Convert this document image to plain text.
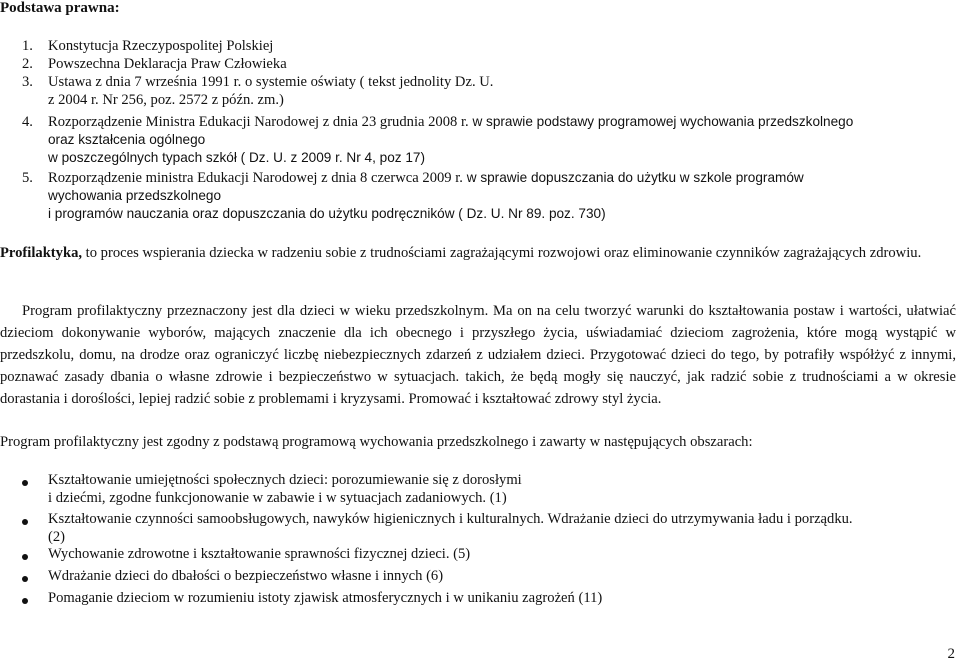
Podstawa prawna:
1. Konstytucja Rzeczypospolitej Polskiej
2. Powszechna Deklaracja Praw Człowieka
3. Ustawa z dnia 7 września 1991 r. o systemie oświaty ( tekst jednolity Dz. U.
z 2004 r. Nr 256, poz. 2572 z późn. zm.)
4. Rozporządzenie Ministra Edukacji Narodowej z dnia 23 grudnia 2008 r. w sprawie podstawy programowej wychowania przedszkolnego
oraz kształcenia ogólnego
w poszczególnych typach szkół ( Dz. U. z 2009 r. Nr 4, poz 17)
5. Rozporządzenie ministra Edukacji Narodowej z dnia 8 czerwca 2009 r. w sprawie dopuszczania do użytku w szkole programów
wychowania przedszkolnego
i programów nauczania oraz dopuszczania do użytku podręczników ( Dz. U. Nr 89. poz. 730)
Profilaktyka, to proces wspierania dziecka w radzeniu sobie z trudnościami zagrażającymi rozwojowi oraz eliminowanie czynników zagrażających zdrowiu.
Program profilaktyczny przeznaczony jest dla dzieci w wieku przedszkolnym. Ma on na celu tworzyć warunki do kształtowania postaw i wartości, ułatwiać dzieciom dokonywanie wyborów, mających znaczenie dla ich obecnego i przyszłego życia, uświadamiać dzieciom zagrożenia, które mogą wystąpić w przedszkolu, domu, na drodze oraz ograniczyć liczbę niebezpiecznych zdarzeń z udziałem dzieci. Przygotować dzieci do tego, by potrafiły współżyć z innymi, poznawać zasady dbania o własne zdrowie i bezpieczeństwo w sytuacjach. takich, że będą mogły się nauczyć, jak radzić sobie z trudnościami a w okresie dorastania i doroślości, lepiej radzić sobie z problemami i kryzysami. Promować i kształtować zdrowy styl życia.
Program profilaktyczny jest zgodny z podstawą programową wychowania przedszkolnego i zawarty w następujących obszarach:
Kształtowanie umiejętności społecznych dzieci: porozumiewanie się z dorosłymi
i dziećmi, zgodne funkcjonowanie w zabawie i w sytuacjach zadaniowych. (1)
Kształtowanie czynności samoobsługowych, nawyków higienicznych i kulturalnych. Wdrażanie dzieci do utrzymywania ładu i porządku.
(2)
Wychowanie zdrowotne i kształtowanie sprawności fizycznej dzieci. (5)
Wdrażanie dzieci do dbałości o bezpieczeństwo własne i innych (6)
Pomaganie dzieciom w rozumieniu istoty zjawisk atmosferycznych i w unikaniu zagrożeń (11)
2
